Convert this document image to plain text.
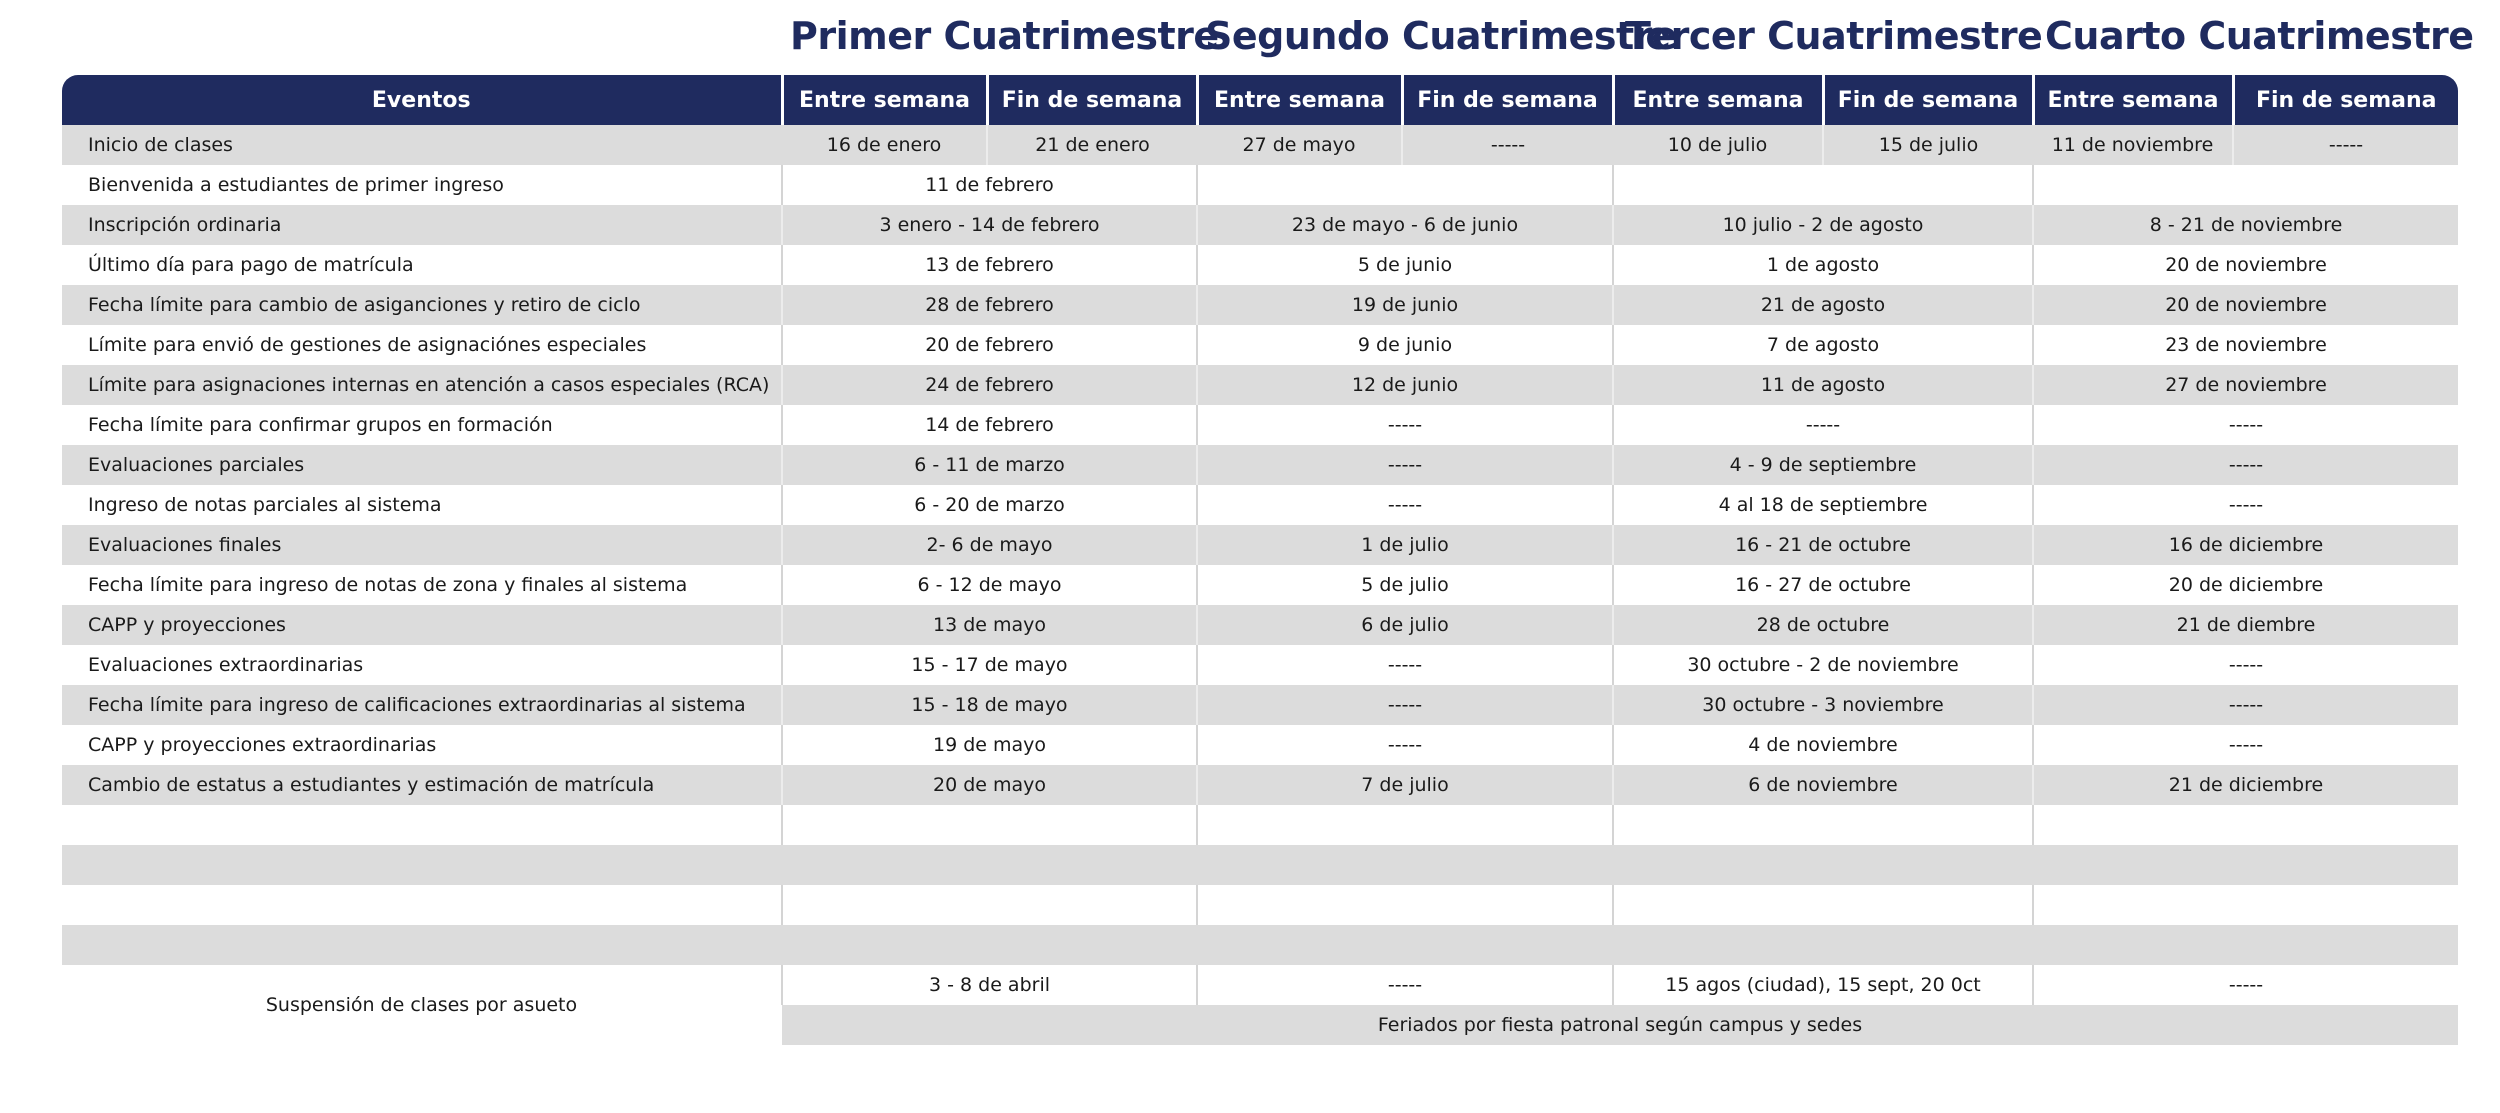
Primer Cuatrimestre
Segundo Cuatrimestre
Tercer Cuatrimestre Cuarto Cuatrimestre
Eventos	Entre semana	Fin de semana	Entre semana	Fin de semana	Entre semana	Fin de semana	Entre semana	Fin de semana
Inicio de clases	16 de enero	21 de enero	27 de mayo	-----	10 de julio	15 de julio	11 de noviembre	-----
Bienvenida a estudiantes de primer ingreso	11 de febrero							
Inscripción ordinaria	3 enero - 14 de febrero		23 de mayo - 6 de junio		10 julio - 2 de agosto		8 - 21 de noviembre	
Último día para pago de matrícula	13 de febrero		5 de junio		1 de agosto		20 de noviembre	
Fecha límite para cambio de asiganciones y retiro de ciclo	28 de febrero		19 de junio		21 de agosto		20 de noviembre	
Límite para envió de gestiones de asignaciónes especiales	20 de febrero		9 de junio		7 de agosto		23 de noviembre	
Límite para asignaciones internas en atención a casos especiales (RCA)	24 de febrero		12 de junio		11 de agosto		27 de noviembre	
Fecha límite para confirmar grupos en formación	14 de febrero		-----		-----		-----	
Evaluaciones parciales	6 - 11 de marzo		-----		4 - 9 de septiembre		-----	
Ingreso de notas parciales al sistema	6 - 20 de marzo		-----		4 al 18 de septiembre		-----	
Evaluaciones finales	2- 6 de mayo		1 de julio		16 - 21 de octubre		16 de diciembre	
Fecha límite para ingreso de notas de zona y finales al sistema	6 - 12 de mayo		5 de julio		16 - 27 de octubre		20 de diciembre	
CAPP y proyecciones	13 de mayo		6 de julio		28 de octubre		21 de diembre	
Evaluaciones extraordinarias	15 - 17 de mayo		-----		30 octubre - 2 de noviembre		-----	
Fecha límite para ingreso de calificaciones extraordinarias al sistema	15 - 18 de mayo		-----		30 octubre - 3 noviembre		-----	
CAPP y proyecciones extraordinarias	19 de mayo		-----		4 de noviembre		-----	
Cambio de estatus a estudiantes y estimación de matrícula	20 de mayo		7 de julio		6 de noviembre		21 de diciembre	

Suspensión de clases por asueto	3 - 8 de abril		-----		15 agos (ciudad), 15 sept, 20 0ct		-----	
	Feriados por fiesta patronal según campus y sedes							
